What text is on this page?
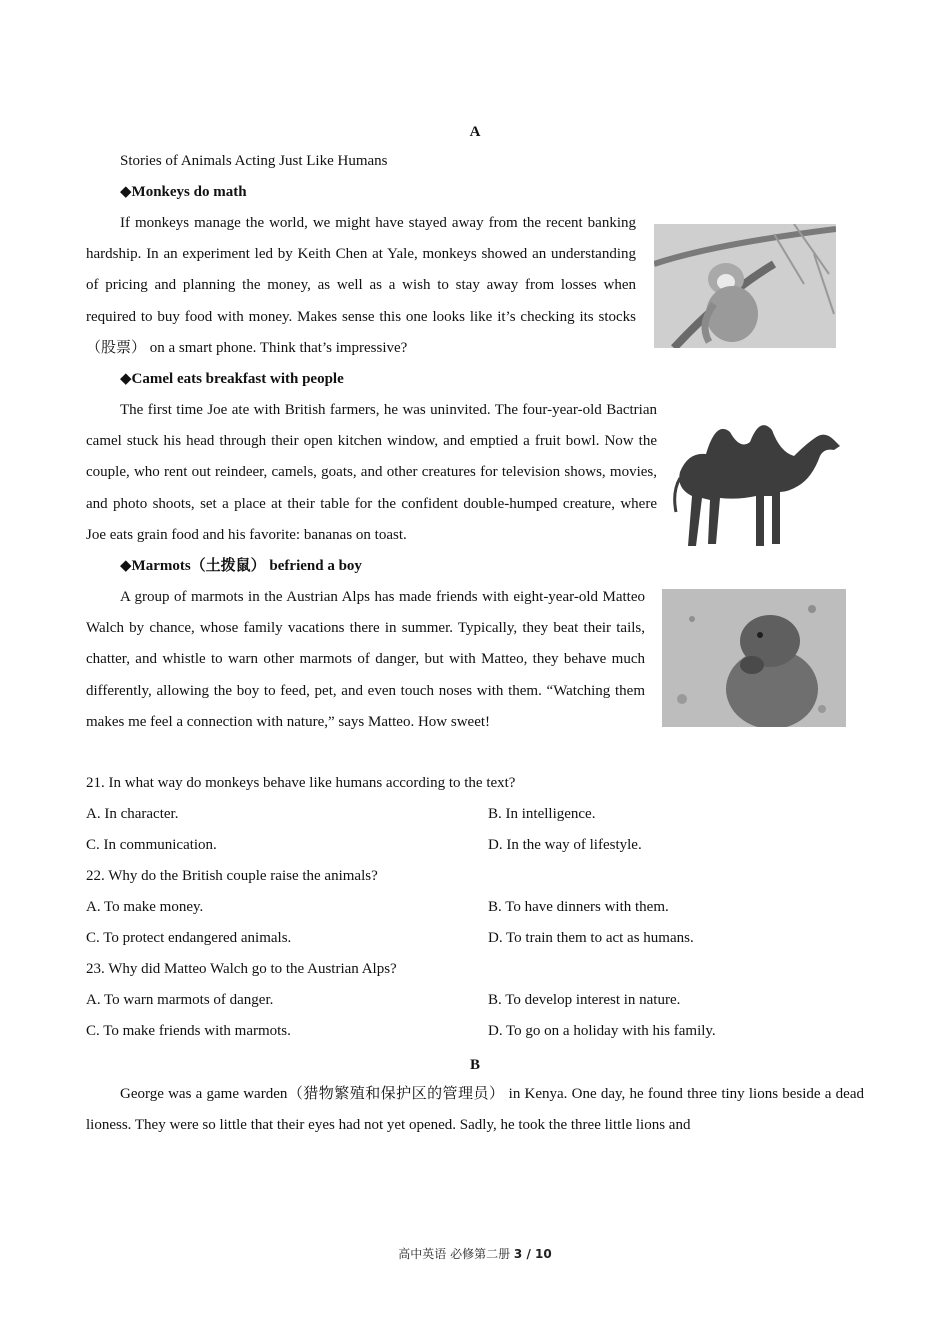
A
Stories of Animals Acting Just Like Humans
◆Monkeys do math

If monkeys manage the world, we might have stayed away from the recent banking hardship. In an experiment led by Keith Chen at Yale, monkeys showed an understanding of pricing and planning the money, as well as a wish to stay away from losses when required to buy food with money. Makes sense this one looks like it’s checking its stocks（股票） on a smart phone. Think that’s impressive?

◆Camel eats breakfast with people

The first time Joe ate with British farmers, he was uninvited. The four-year-old Bactrian camel stuck his head through their open kitchen window, and emptied a fruit bowl. Now the couple, who rent out reindeer, camels, goats, and other creatures for television shows, movies, and photo shoots, set a place at their table for the confident double-humped creature, where Joe eats grain food and his favorite: bananas on toast.

◆Marmots（土拨鼠） befriend a boy

A group of marmots in the Austrian Alps has made friends with eight-year-old Matteo Walch by chance, whose family vacations there in summer. Typically, they beat their tails, chatter, and whistle to warn other marmots of danger, but with Matteo, they behave much differently, allowing the boy to feed, pet, and even touch noses with them. “Watching them makes me feel a connection with nature,” says Matteo. How sweet!

21. In what way do monkeys behave like humans according to the text?
A. In character.	B. In intelligence.
C. In communication.	D. In the way of lifestyle.
22. Why do the British couple raise the animals?
A. To make money.	B. To have dinners with them.
C. To protect endangered animals.	D. To train them to act as humans.
23. Why did Matteo Walch go to the Austrian Alps?
A. To warn marmots of danger.	B. To develop interest in nature.
C. To make friends with marmots.	D. To go on a holiday with his family.
B

George was a game warden（猎物繁殖和保护区的管理员） in Kenya. One day, he found three tiny lions beside a dead lioness. They were so little that their eyes had not yet opened. Sadly, he took the three little lions and

高中英语 必修第二册 3 / 10
